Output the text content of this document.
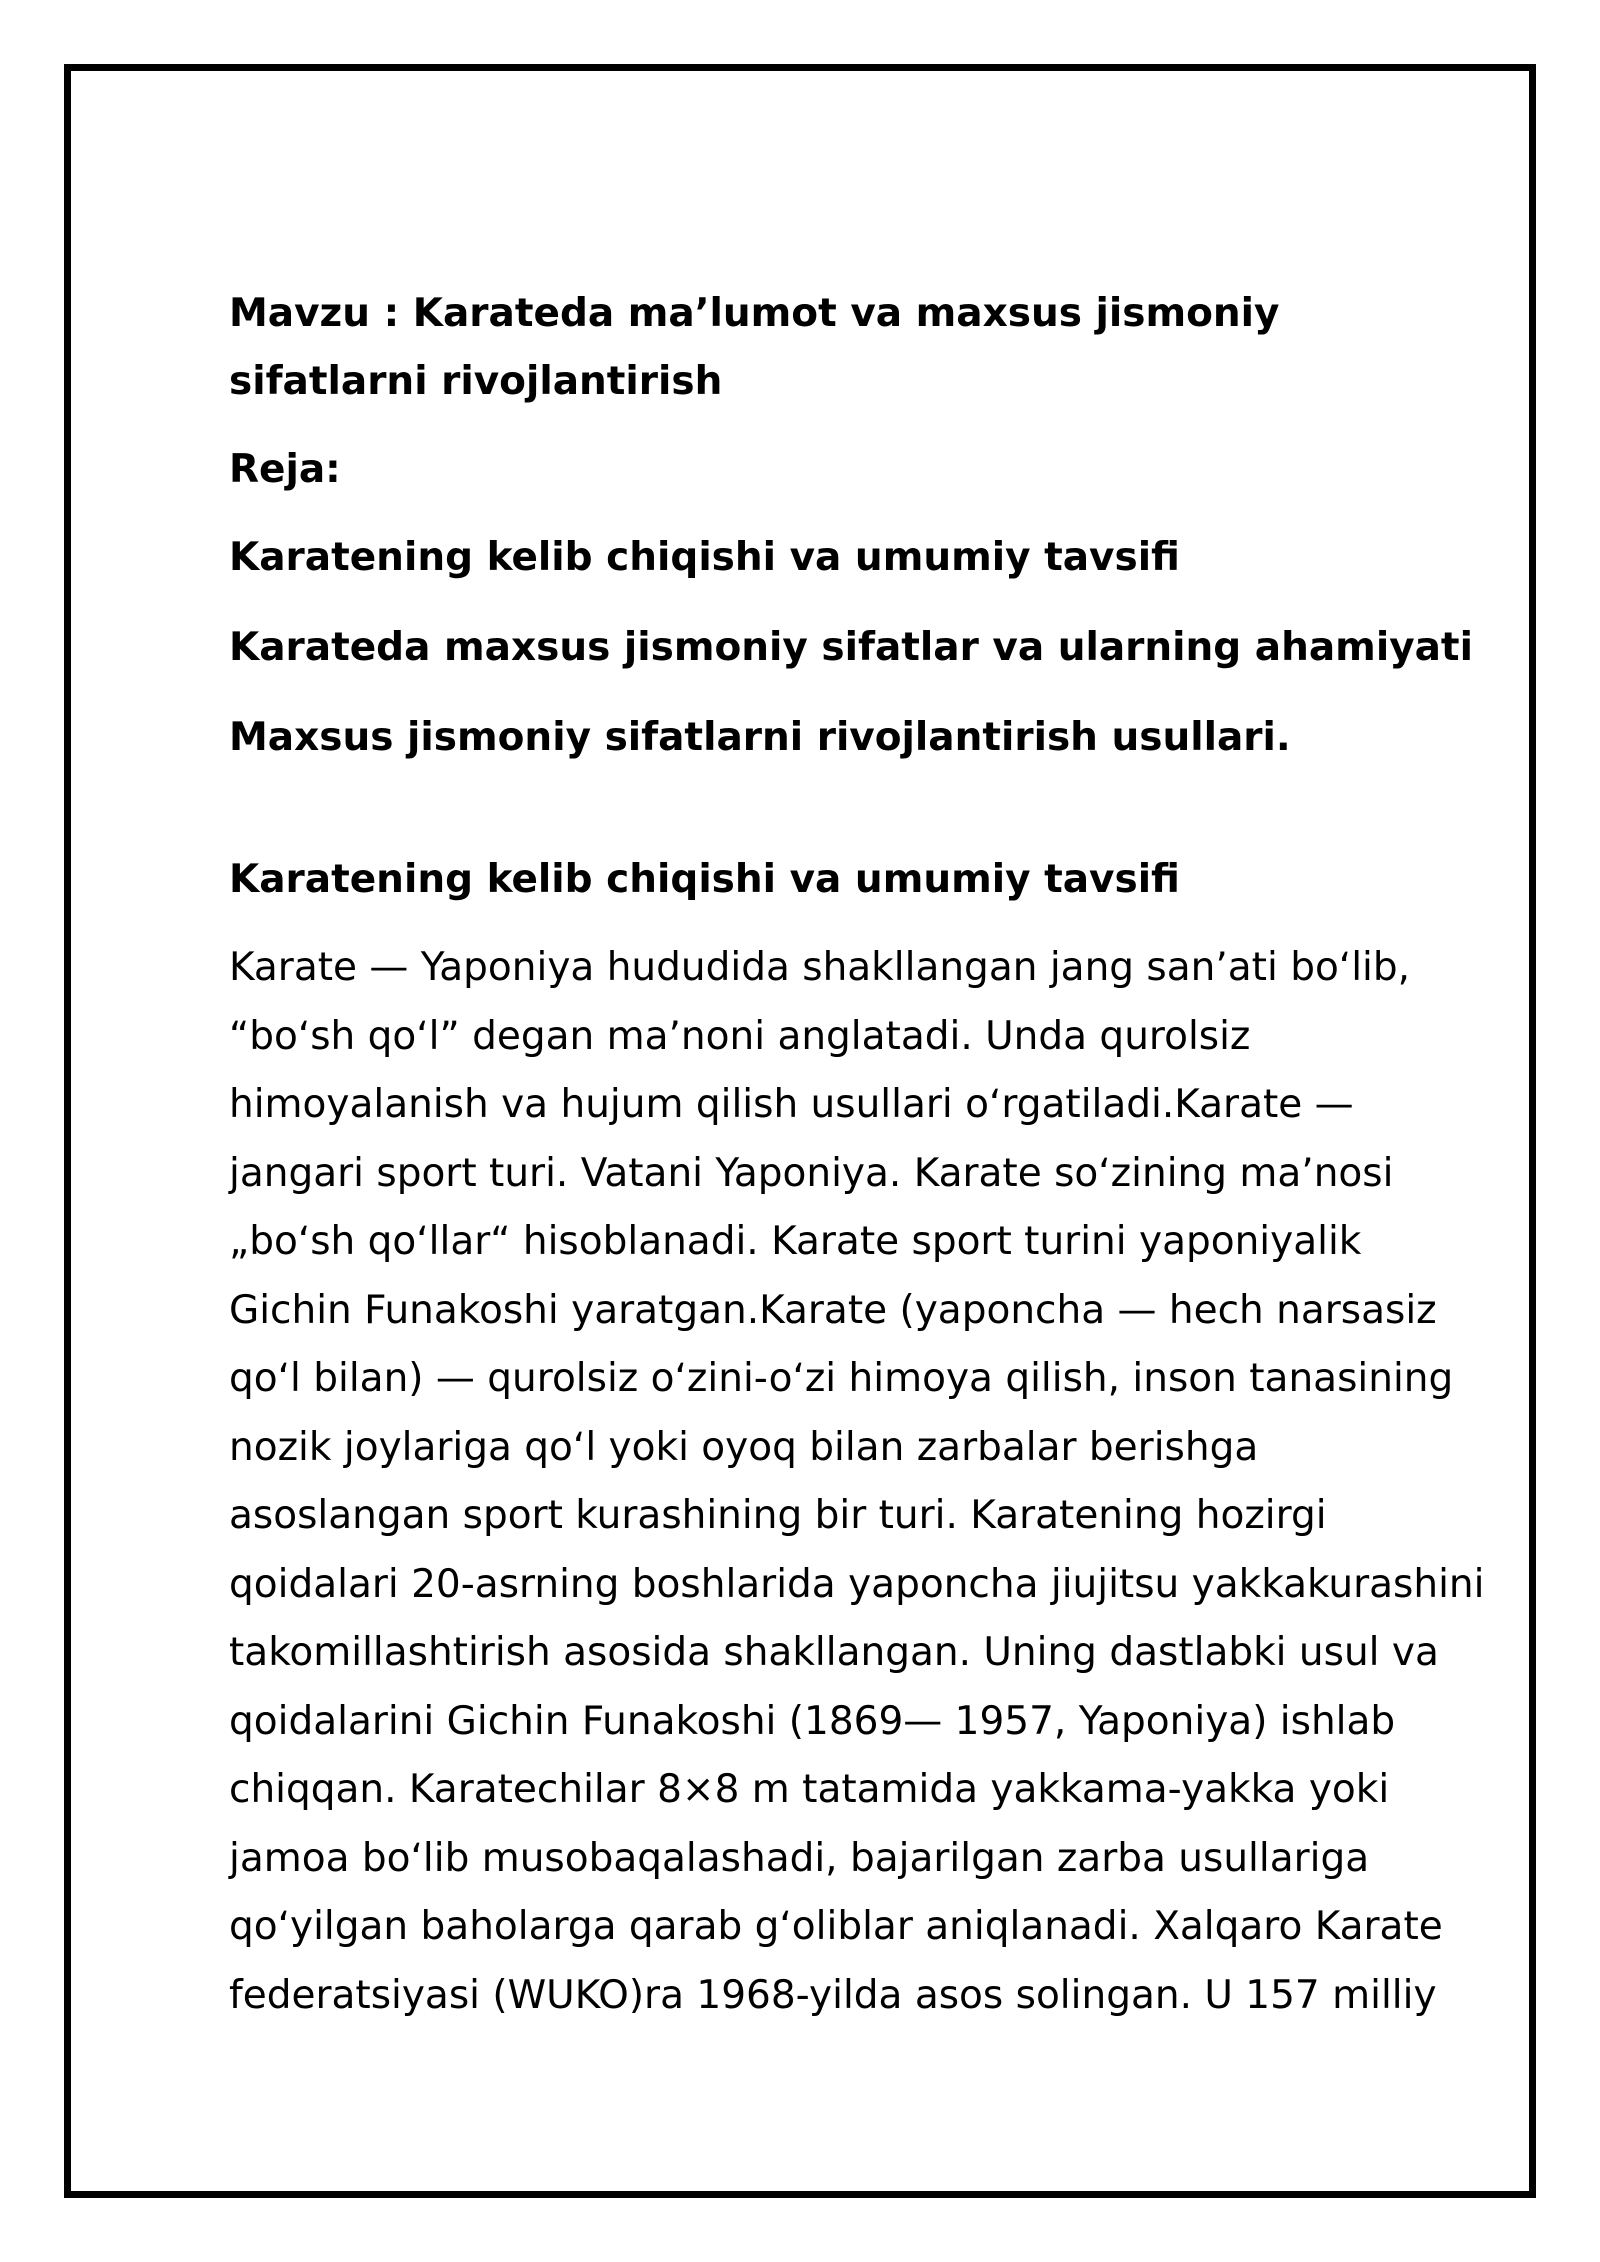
Mavzu : Karateda ma’lumot va maxsus jismoniy sifatlarni rivojlantirish

Reja:

Karatening kelib chiqishi va umumiy tavsifi

Karateda maxsus jismoniy sifatlar va ularning ahamiyati

Maxsus jismoniy sifatlarni rivojlantirish usullari.

Karatening kelib chiqishi va umumiy tavsifi

Karate — Yaponiya hududida shakllangan jang san’ati bo‘lib, “bo‘sh qo‘l” degan ma’noni anglatadi. Unda qurolsiz himoyalanish va hujum qilish usullari o‘rgatiladi.Karate — jangari sport turi. Vatani Yaponiya. Karate so‘zining ma’nosi „bo‘sh qo‘llar“ hisoblanadi. Karate sport turini yaponiyalik Gichin Funakoshi yaratgan.Karate (yaponcha — hech narsasiz qo‘l bilan) — qurolsiz o‘zini-o‘zi himoya qilish, inson tanasining nozik joylariga qo‘l yoki oyoq bilan zarbalar berishga asoslangan sport kurashining bir turi. Karatening hozirgi qoidalari 20-asrning boshlarida yaponcha jiujitsu yakkakurashini takomillashtirish asosida shakllangan. Uning dastlabki usul va qoidalarini Gichin Funakoshi (1869— 1957, Yaponiya) ishlab chiqqan. Karatechilar 8×8 m tatamida yakkama-yakka yoki jamoa bo‘lib musobaqalashadi, bajarilgan zarba usullariga qo‘yilgan baholarga qarab g‘oliblar aniqlanadi. Xalqaro Karate federatsiyasi (WUKO)ra 1968-yilda asos solingan. U 157 milliy
